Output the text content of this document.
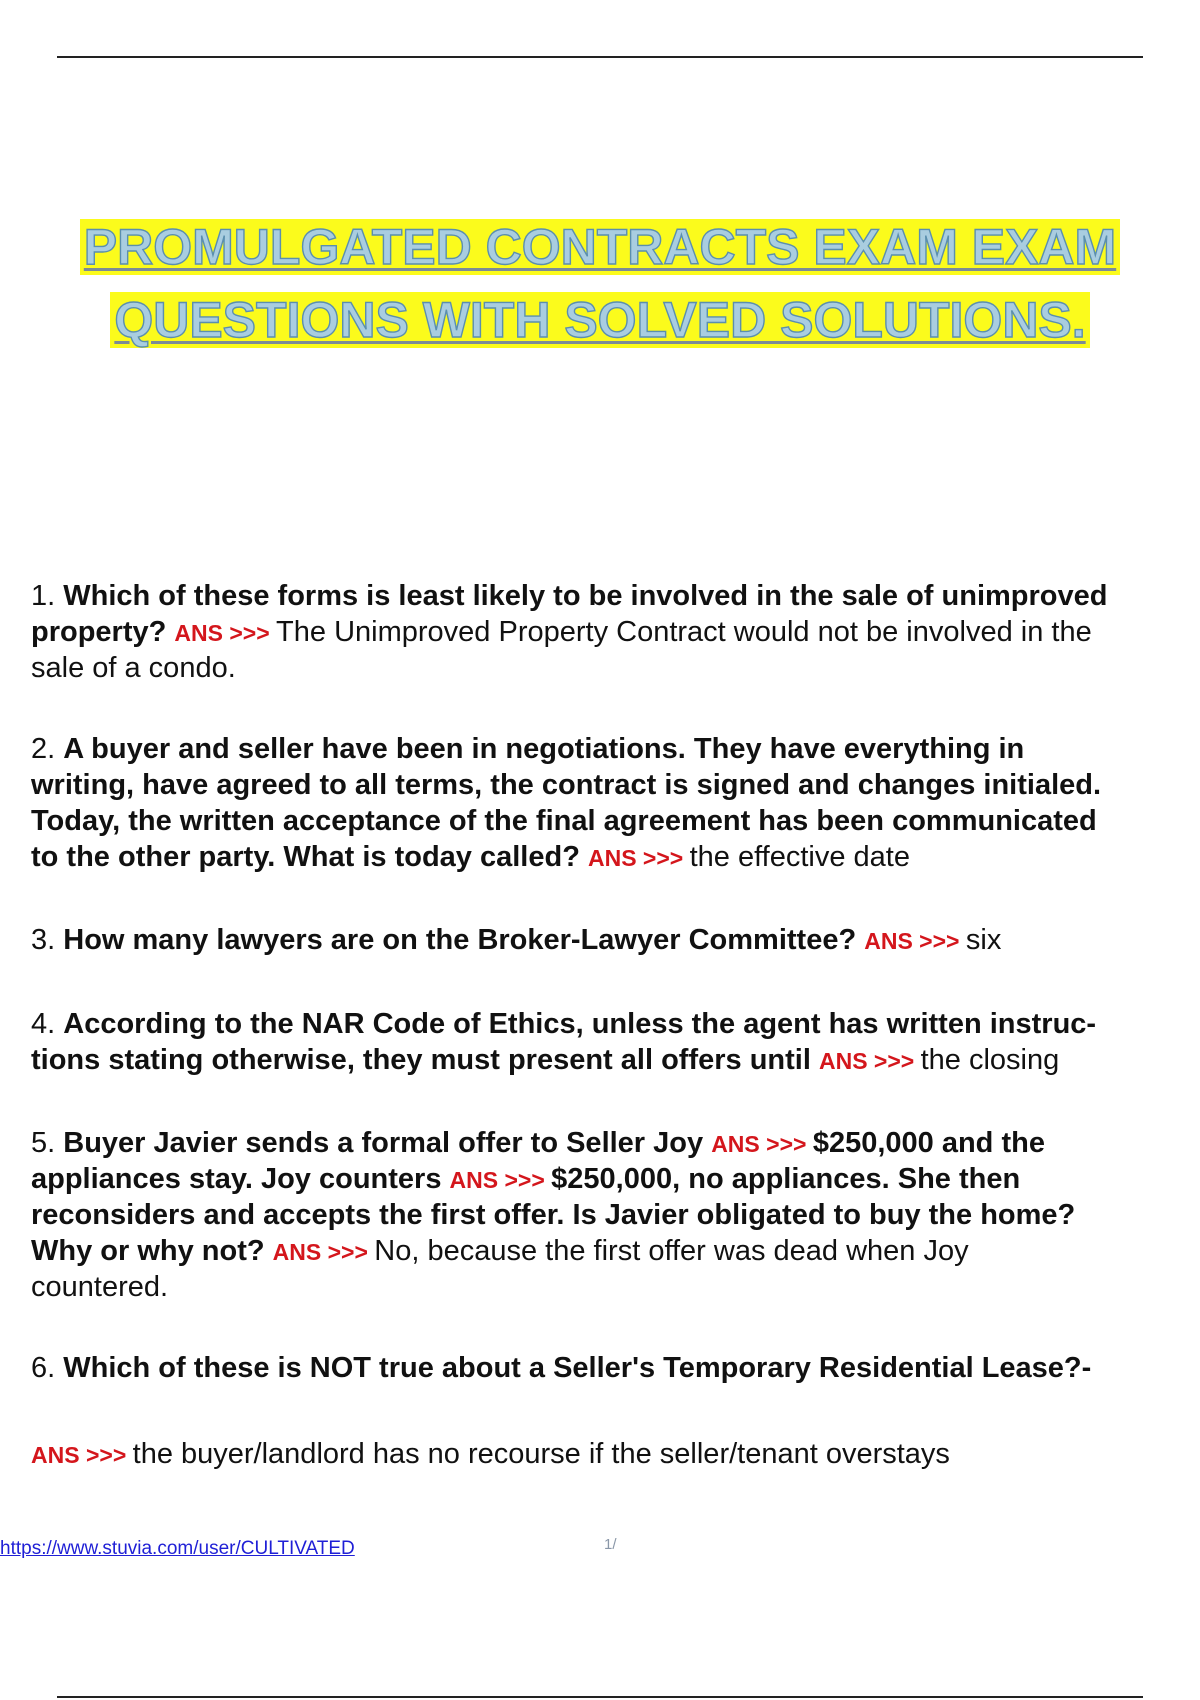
PROMULGATED CONTRACTS EXAM EXAM
QUESTIONS WITH SOLVED SOLUTIONS.
1. Which of these forms is least likely to be involved in the sale of unimproved
property? ANS >>> The Unimproved Property Contract would not be involved in the
sale of a condo.
2. A buyer and seller have been in negotiations. They have everything in
writing, have agreed to all terms, the contract is signed and changes initialed.
Today, the written acceptance of the final agreement has been communicated
to the other party. What is today called? ANS >>> the effective date
3. How many lawyers are on the Broker-Lawyer Committee? ANS >>> six
4. According to the NAR Code of Ethics, unless the agent has written instruc-
tions stating otherwise, they must present all offers until ANS >>> the closing
5. Buyer Javier sends a formal offer to Seller Joy ANS >>> $250,000 and the
appliances stay. Joy counters ANS >>> $250,000, no appliances. She then
reconsiders and accepts the first offer. Is Javier obligated to buy the home?
Why or why not? ANS >>> No, because the first offer was dead when Joy
countered.
6. Which of these is NOT true about a Seller's Temporary Residential Lease?-
ANS >>> the buyer/landlord has no recourse if the seller/tenant overstays
https://www.stuvia.com/user/CULTIVATED	1/
